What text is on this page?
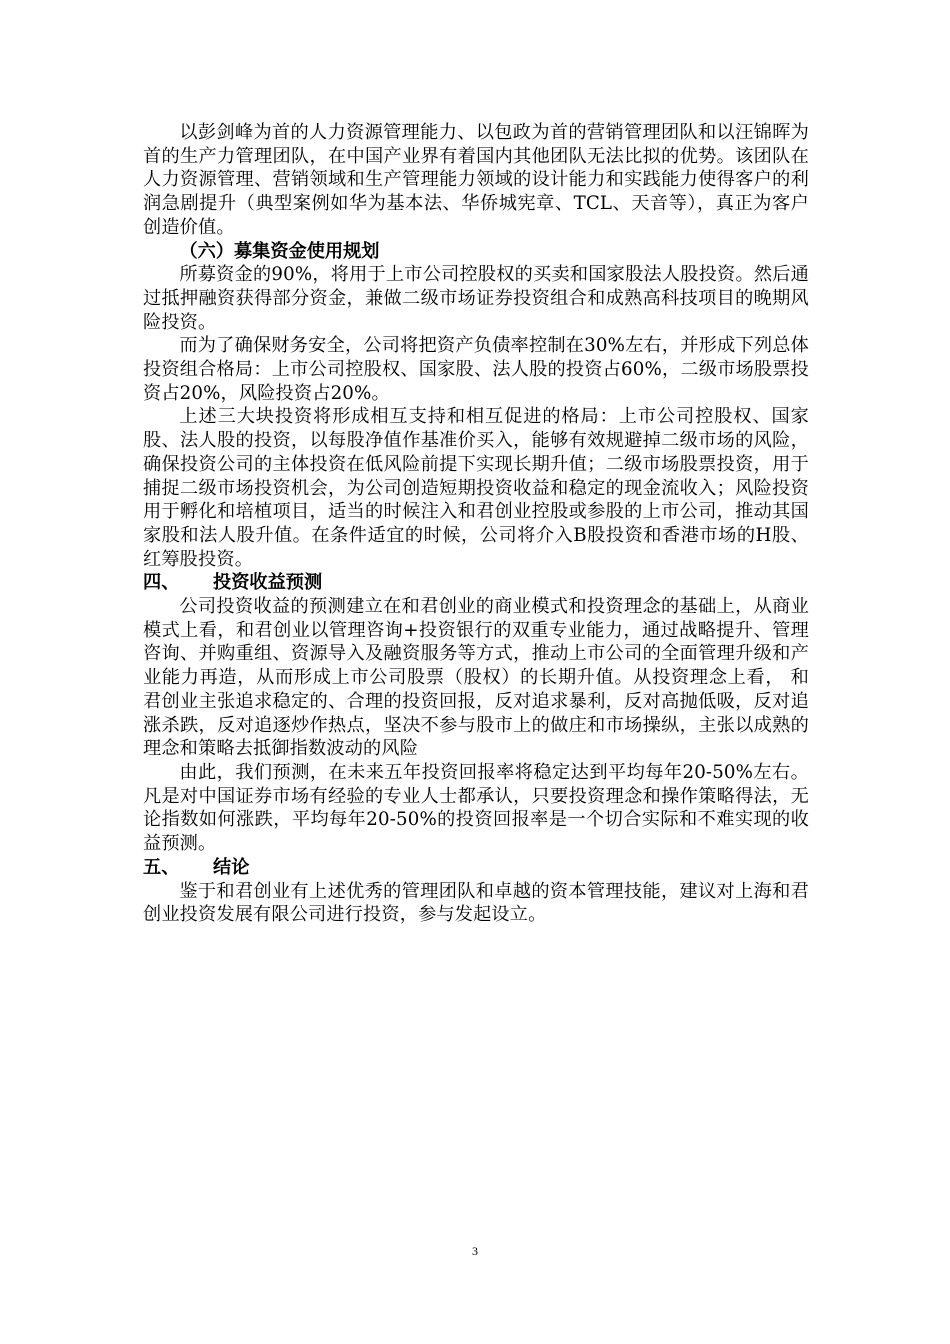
以彭剑峰为首的人力资源管理能力、以包政为首的营销管理团队和以汪锦晖为首的生产力管理团队，在中国产业界有着国内其他团队无法比拟的优势。该团队在人力资源管理、营销领域和生产管理能力领域的设计能力和实践能力使得客户的利润急剧提升（典型案例如华为基本法、华侨城宪章、TCL、天音等），真正为客户创造价值。

（六）募集资金使用规划

所募资金的90%，将用于上市公司控股权的买卖和国家股法人股投资。然后通过抵押融资获得部分资金，兼做二级市场证券投资组合和成熟高科技项目的晚期风险投资。

而为了确保财务安全，公司将把资产负债率控制在30%左右，并形成下列总体投资组合格局：上市公司控股权、国家股、法人股的投资占60%，二级市场股票投资占20%，风险投资占20%。

上述三大块投资将形成相互支持和相互促进的格局：上市公司控股权、国家股、法人股的投资，以每股净值作基准价买入，能够有效规避掉二级市场的风险，确保投资公司的主体投资在低风险前提下实现长期升值；二级市场股票投资，用于捕捉二级市场投资机会，为公司创造短期投资收益和稳定的现金流收入；风险投资用于孵化和培植项目，适当的时候注入和君创业控股或参股的上市公司，推动其国家股和法人股升值。在条件适宜的时候，公司将介入B股投资和香港市场的H股、红筹股投资。

四、	投资收益预测

公司投资收益的预测建立在和君创业的商业模式和投资理念的基础上，从商业模式上看，和君创业以管理咨询+投资银行的双重专业能力，通过战略提升、管理咨询、并购重组、资源导入及融资服务等方式，推动上市公司的全面管理升级和产业能力再造，从而形成上市公司股票（股权）的长期升值。从投资理念上看， 和君创业主张追求稳定的、合理的投资回报，反对追求暴利，反对高抛低吸，反对追涨杀跌，反对追逐炒作热点，坚决不参与股市上的做庄和市场操纵，主张以成熟的理念和策略去抵御指数波动的风险

由此，我们预测，在未来五年投资回报率将稳定达到平均每年20-50%左右。凡是对中国证券市场有经验的专业人士都承认，只要投资理念和操作策略得法，无论指数如何涨跌，平均每年20-50%的投资回报率是一个切合实际和不难实现的收益预测。

五、	结论

鉴于和君创业有上述优秀的管理团队和卓越的资本管理技能，建议对上海和君创业投资发展有限公司进行投资，参与发起设立。

3
